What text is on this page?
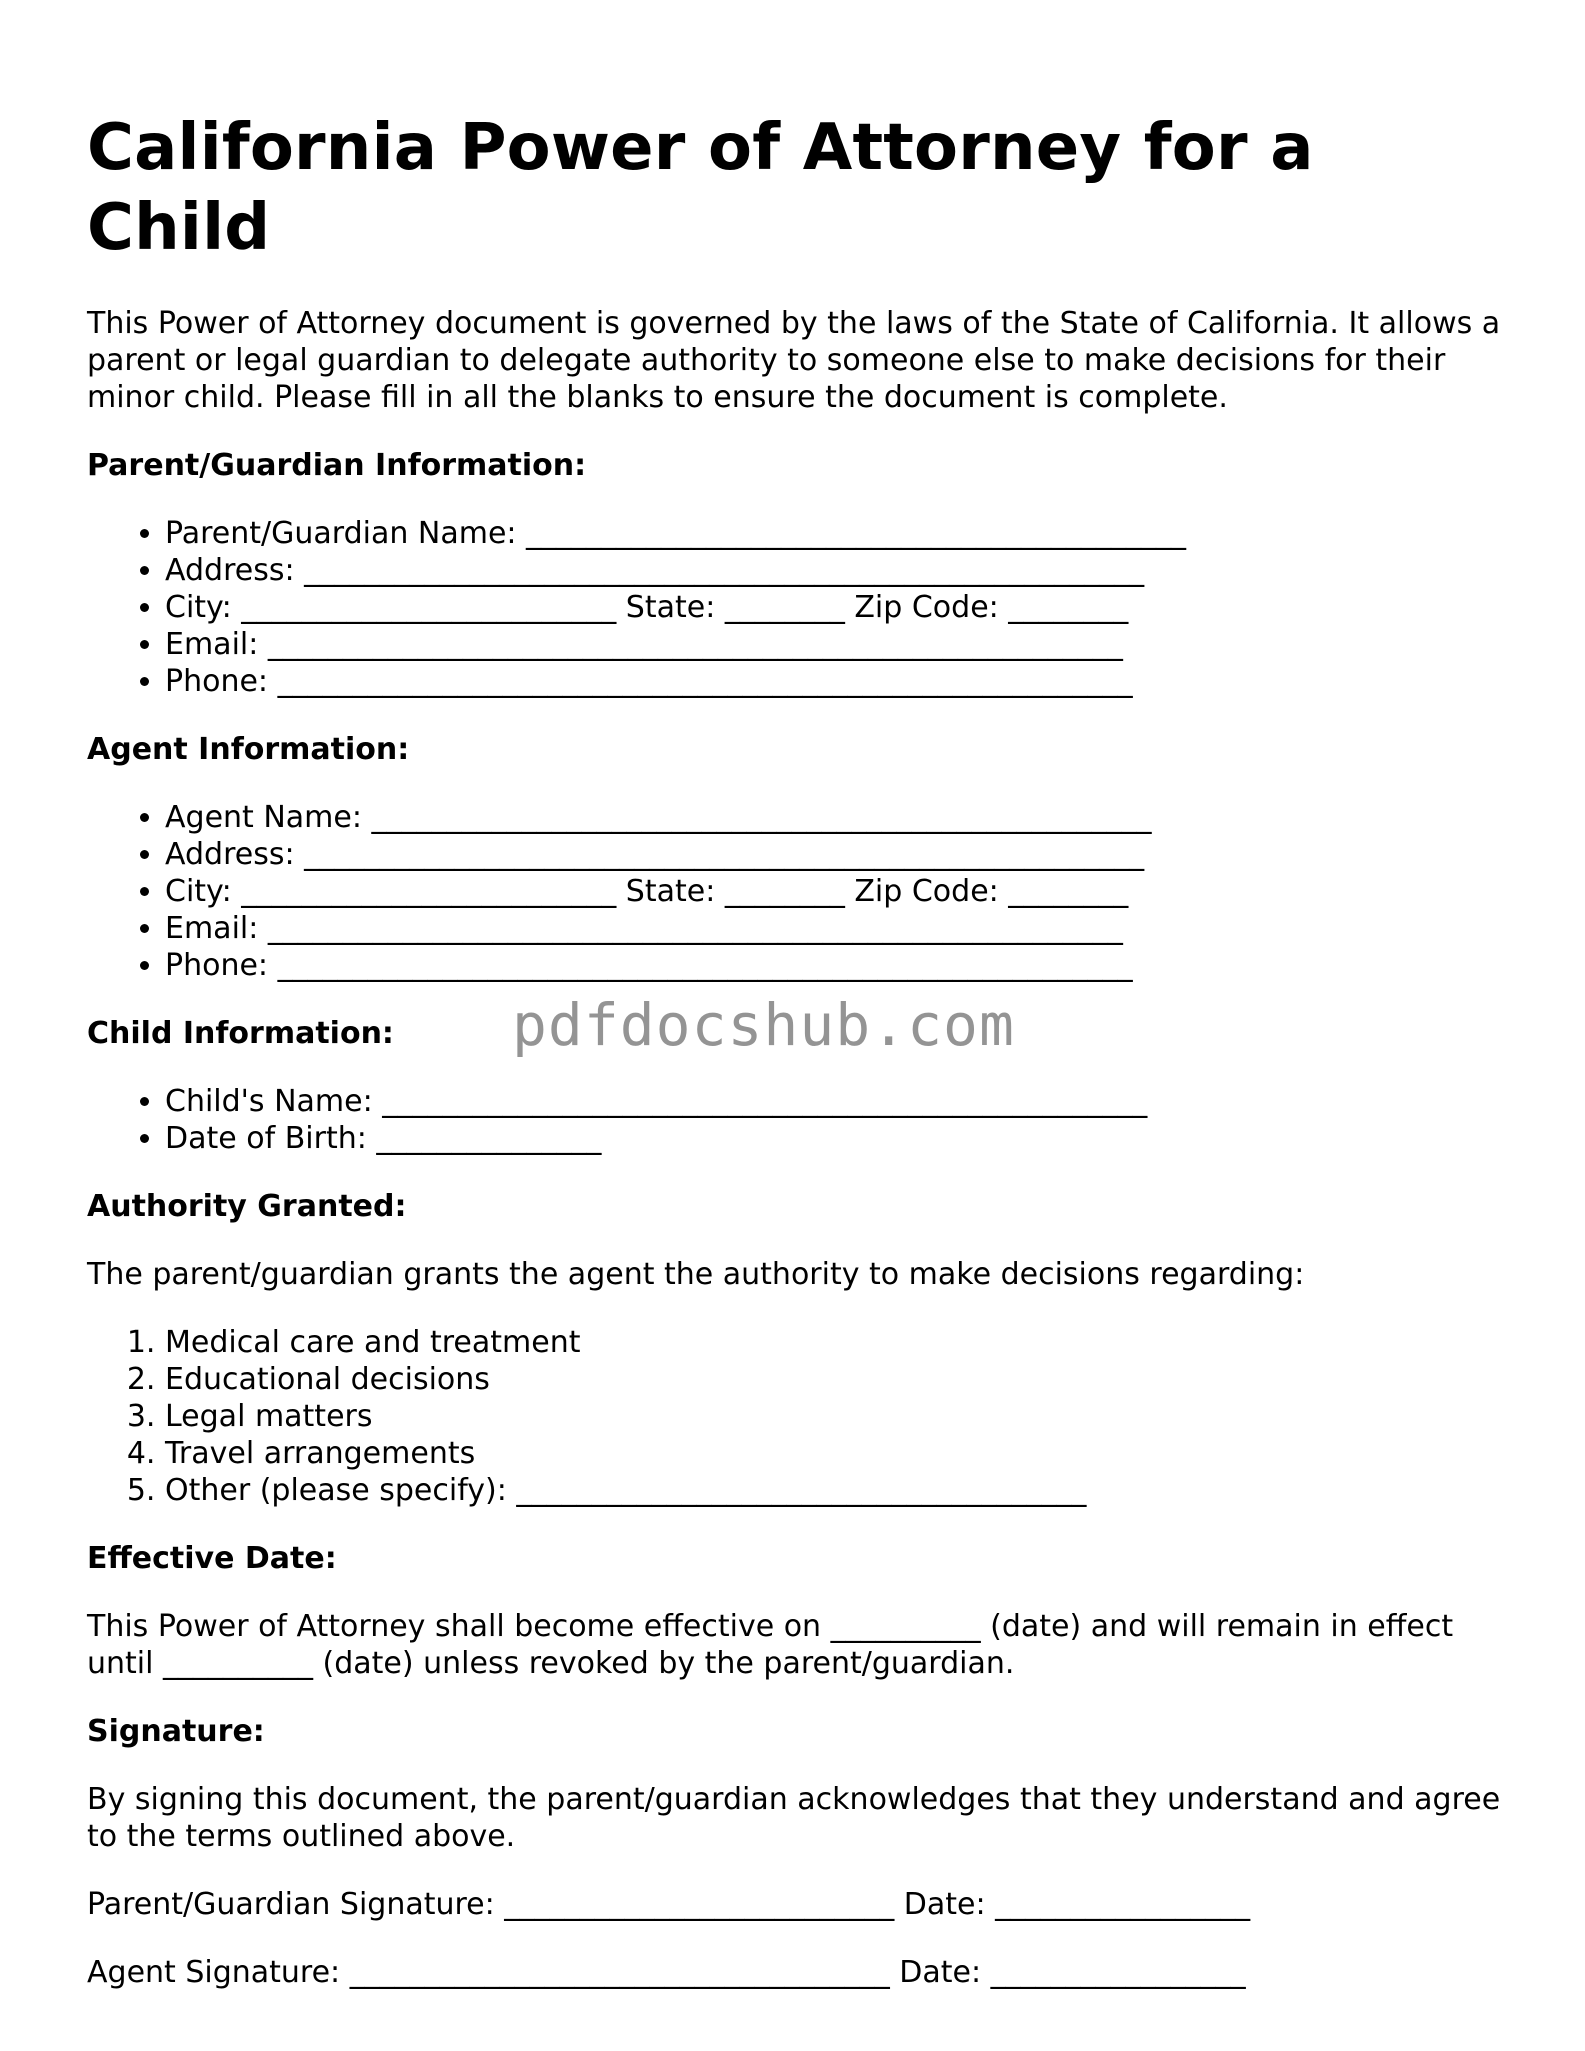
California Power of Attorney for a Child

This Power of Attorney document is governed by the laws of the State of California. It allows a parent or legal guardian to delegate authority to someone else to make decisions for their minor child. Please fill in all the blanks to ensure the document is complete.

Parent/Guardian Information:
• Parent/Guardian Name: ____________________________________________
• Address: ________________________________________________________
• City: _________________________ State: ________ Zip Code: ________
• Email: _________________________________________________________
• Phone: _________________________________________________________
Agent Information:
• Agent Name: ____________________________________________________
• Address: ________________________________________________________
• City: _________________________ State: ________ Zip Code: ________
• Email: _________________________________________________________
• Phone: _________________________________________________________
Child Information:
• Child's Name: ___________________________________________________
• Date of Birth: _______________
Authority Granted:

The parent/guardian grants the agent the authority to make decisions regarding:

1. Medical care and treatment
2. Educational decisions
3. Legal matters
4. Travel arrangements
5. Other (please specify): ______________________________________
Effective Date:

This Power of Attorney shall become effective on __________ (date) and will remain in effect until __________ (date) unless revoked by the parent/guardian.

Signature:

By signing this document, the parent/guardian acknowledges that they understand and agree to the terms outlined above.

Parent/Guardian Signature: __________________________ Date: _________________
Agent Signature: ____________________________________ Date: _________________
pdfdocshub.com
